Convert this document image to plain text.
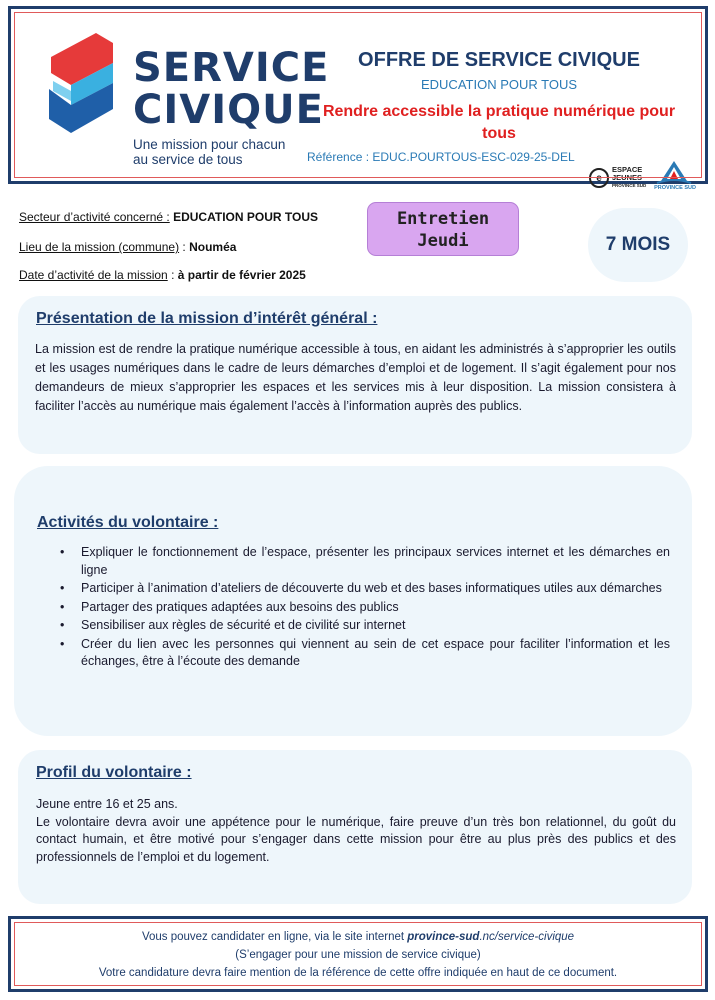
SERVICE
CIVIQUE
Une mission pour chacun
au service de tous
OFFRE DE SERVICE CIVIQUE
EDUCATION POUR TOUS
Rendre accessible la pratique numérique pour tous
Référence : EDUC.POURTOUS-ESC-029-25-DEL
e
ESPACE
JEUNES
PROVINCE SUD PROVINCE SUD
Secteur d’activité concerné : EDUCATION POUR TOUS
Lieu de la mission (commune) : Nouméa
Date d’activité de la mission : à partir de février 2025
Entretien
Jeudi	7 MOIS
Présentation de la mission d’intérêt général :
La mission est de rendre la pratique numérique accessible à tous, en aidant les administrés à s’approprier les outils et les usages numériques dans le cadre de leurs démarches d’emploi et de logement. Il s’agit également pour nos demandeurs de mieux s’approprier les espaces et les services mis à leur disposition. La mission consistera à faciliter l’accès au numérique mais également l’accès à l’information auprès des publics.
Activités du volontaire :
• Expliquer le fonctionnement de l’espace, présenter les principaux services internet et les démarches en ligne
• Participer à l’animation d’ateliers de découverte du web et des bases informatiques utiles aux démarches
• Partager des pratiques adaptées aux besoins des publics
• Sensibiliser aux règles de sécurité et de civilité sur internet
• Créer du lien avec les personnes qui viennent au sein de cet espace pour faciliter l’information et les échanges, être à l’écoute des demande
Profil du volontaire :
Jeune entre 16 et 25 ans.
Le volontaire devra avoir une appétence pour le numérique, faire preuve d’un très bon relationnel, du goût du contact humain, et être motivé pour s’engager dans cette mission pour être au plus près des publics et des professionnels de l’emploi et du logement.
Vous pouvez candidater en ligne, via le site internet province-sud.nc/service-civique
(S’engager pour une mission de service civique)
Votre candidature devra faire mention de la référence de cette offre indiquée en haut de ce document.
